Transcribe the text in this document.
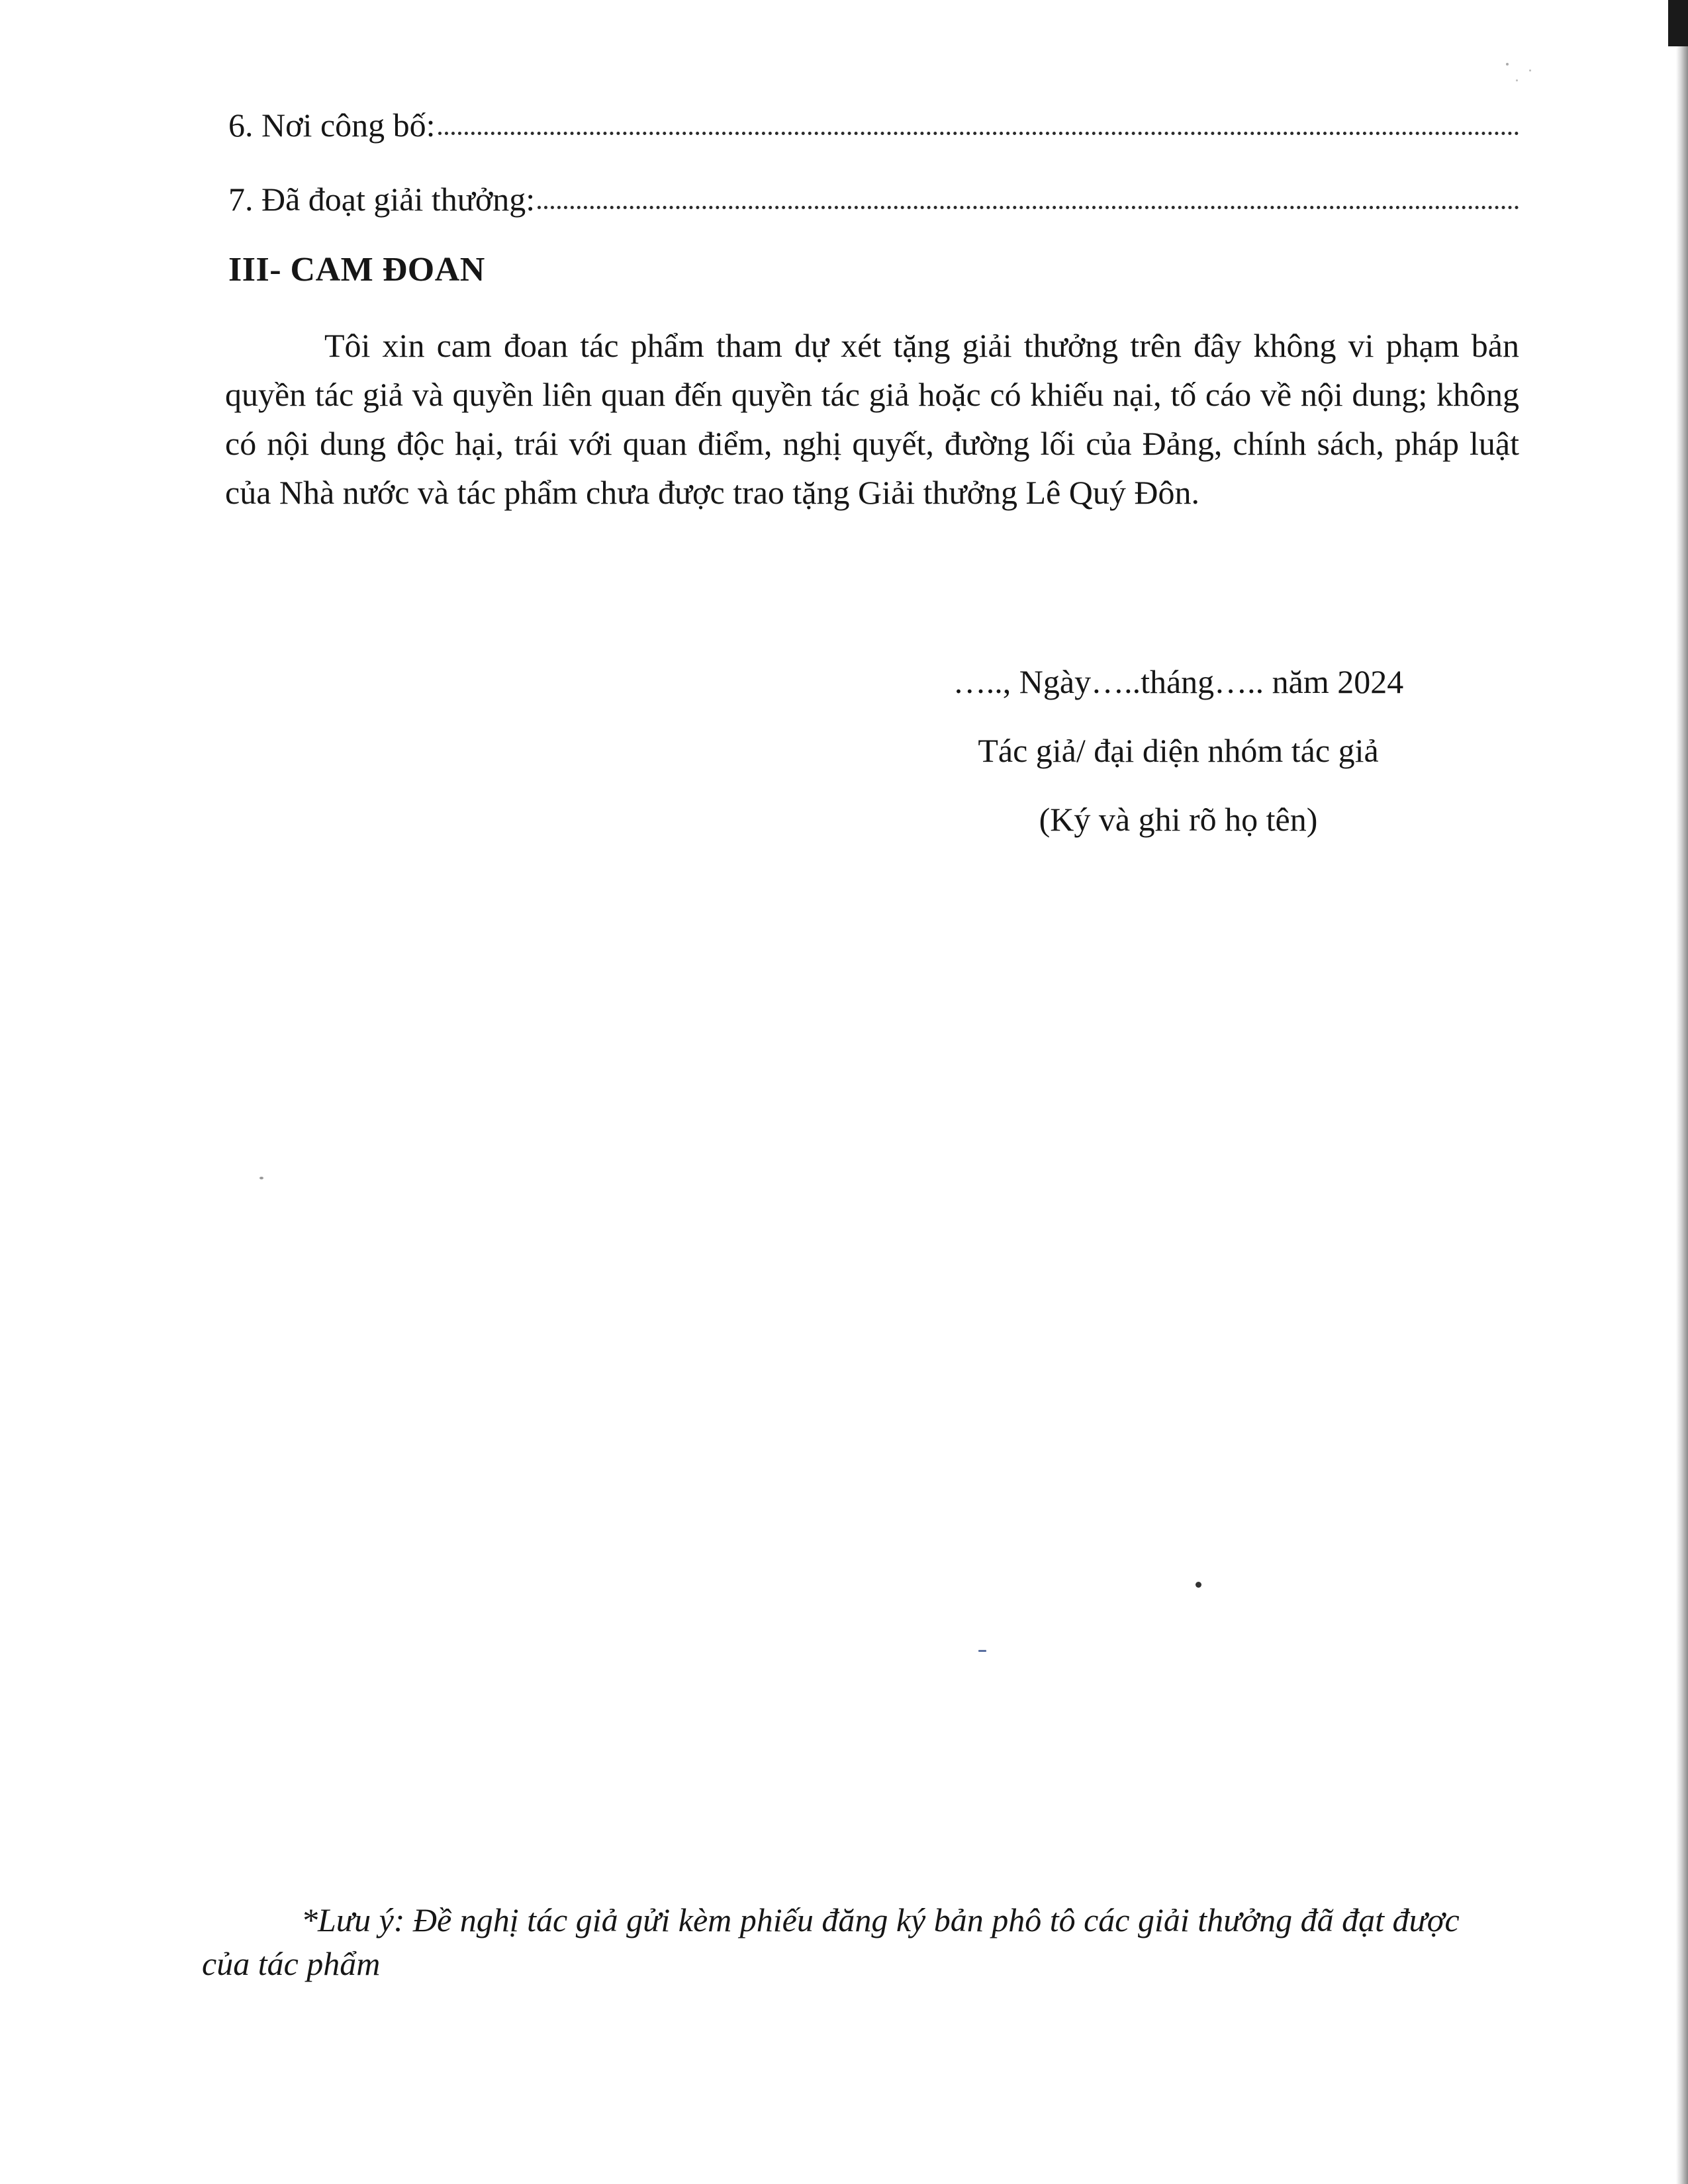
6. Nơi công bố:
7. Đã đoạt giải thưởng:
III- CAM ĐOAN

Tôi xin cam đoan tác phẩm tham dự xét tặng giải thưởng trên đây không vi phạm bản quyền tác giả và quyền liên quan đến quyền tác giả hoặc có khiếu nại, tố cáo về nội dung; không có nội dung độc hại, trái với quan điểm, nghị quyết, đường lối của Đảng, chính sách, pháp luật của Nhà nước và tác phẩm chưa được trao tặng Giải thưởng Lê Quý Đôn.

….., Ngày…..tháng….. năm 2024
Tác giả/ đại diện nhóm tác giả
(Ký và ghi rõ họ tên)

*Lưu ý: Đề nghị tác giả gửi kèm phiếu đăng ký bản phô tô các giải thưởng đã đạt được của tác phẩm
